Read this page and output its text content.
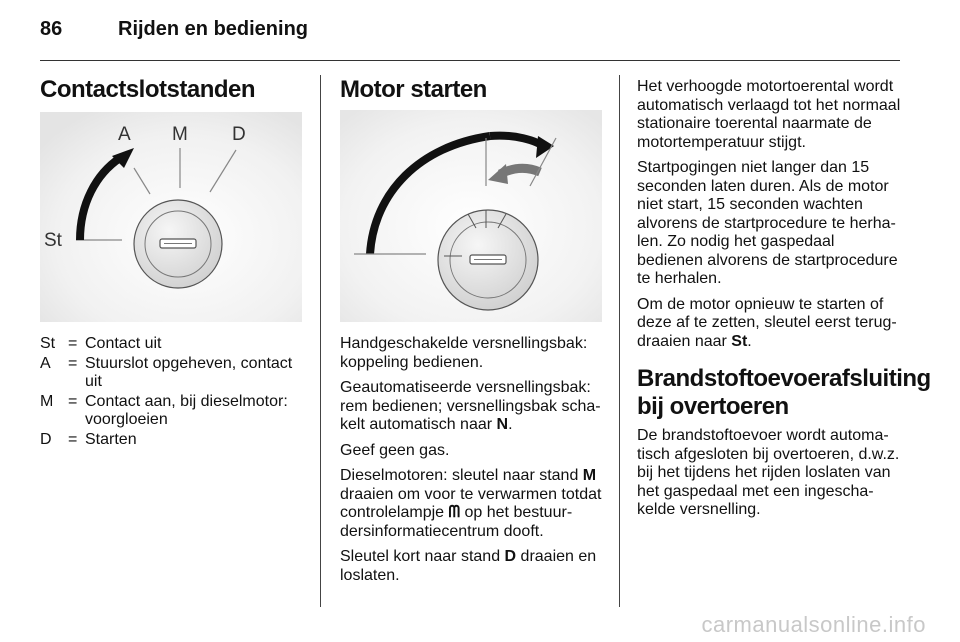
86	Rijden en bediening
Contactslotstanden
A M D
St
St	=	Contact uit
A	=	Stuurslot opgeheven, contact uit
M	=	Contact aan, bij dieselmotor: voorgloeien
D	=	Starten
Motor starten

Handgeschakelde versnellingsbak: koppeling bedienen.

Geautomatiseerde versnellingsbak: rem bedienen; versnellingsbak schakelt automatisch naar N.

Geef geen gas.

Dieselmotoren: sleutel naar stand M draaien om voor te verwarmen totdat controlelampje ᗰ op het bestuurdersinformatiecentrum dooft.

Sleutel kort naar stand D draaien en loslaten.

Het verhoogde motortoerental wordt automatisch verlaagd tot het normaal stationaire toerental naarmate de motortemperatuur stijgt.

Startpogingen niet langer dan 15 seconden laten duren. Als de motor niet start, 15 seconden wachten alvorens de startprocedure te herhalen. Zo nodig het gaspedaal bedienen alvorens de startprocedure te herhalen.

Om de motor opnieuw te starten of deze af te zetten, sleutel eerst terugdraaien naar St.

Brandstoftoevoerafsluiting bij overtoeren

De brandstoftoevoer wordt automatisch afgesloten bij overtoeren, d.w.z. bij het tijdens het rijden loslaten van het gaspedaal met een ingeschakelde versnelling.

carmanualsonline.info
